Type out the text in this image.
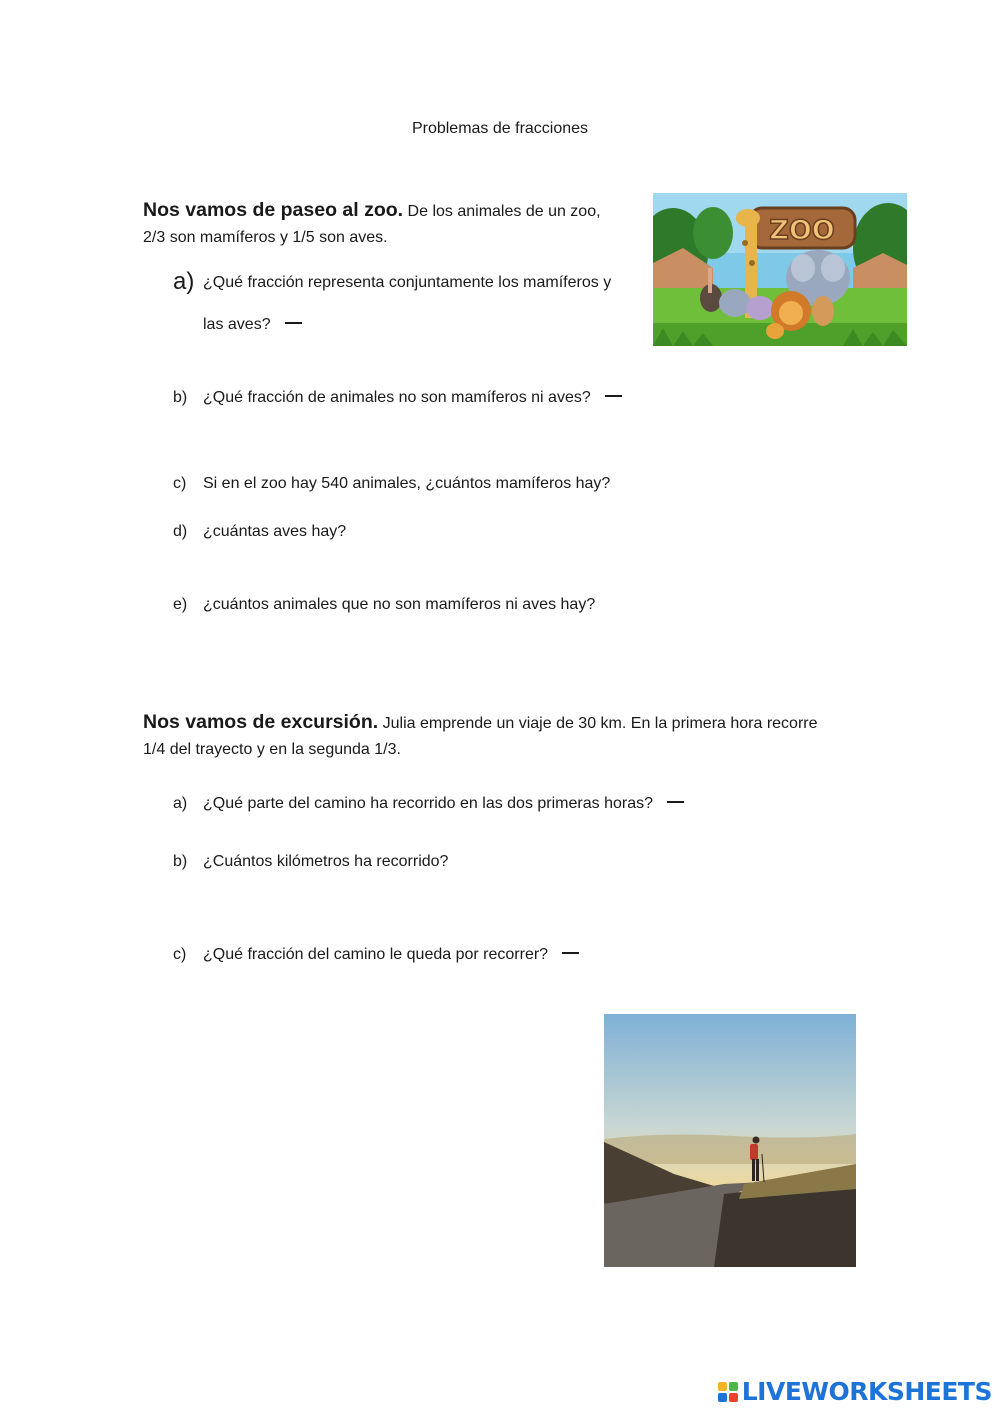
Problemas de fracciones
Nos vamos de paseo al zoo. De los animales de un zoo,
2/3 son mamíferos y 1/5 son aves.	ZOO
a) ¿Qué fracción representa conjuntamente los mamíferos y
las aves?
b) ¿Qué fracción de animales no son mamíferos ni aves?
c) Si en el zoo hay 540 animales, ¿cuántos mamíferos hay?
d) ¿cuántas aves hay?
e) ¿cuántos animales que no son mamíferos ni aves hay?
Nos vamos de excursión. Julia emprende un viaje de 30 km. En la primera hora recorre
1/4 del trayecto y en la segunda 1/3.
a) ¿Qué parte del camino ha recorrido en las dos primeras horas?
b) ¿Cuántos kilómetros ha recorrido?
c) ¿Qué fracción del camino le queda por recorrer?
LIVEWORKSHEETS
